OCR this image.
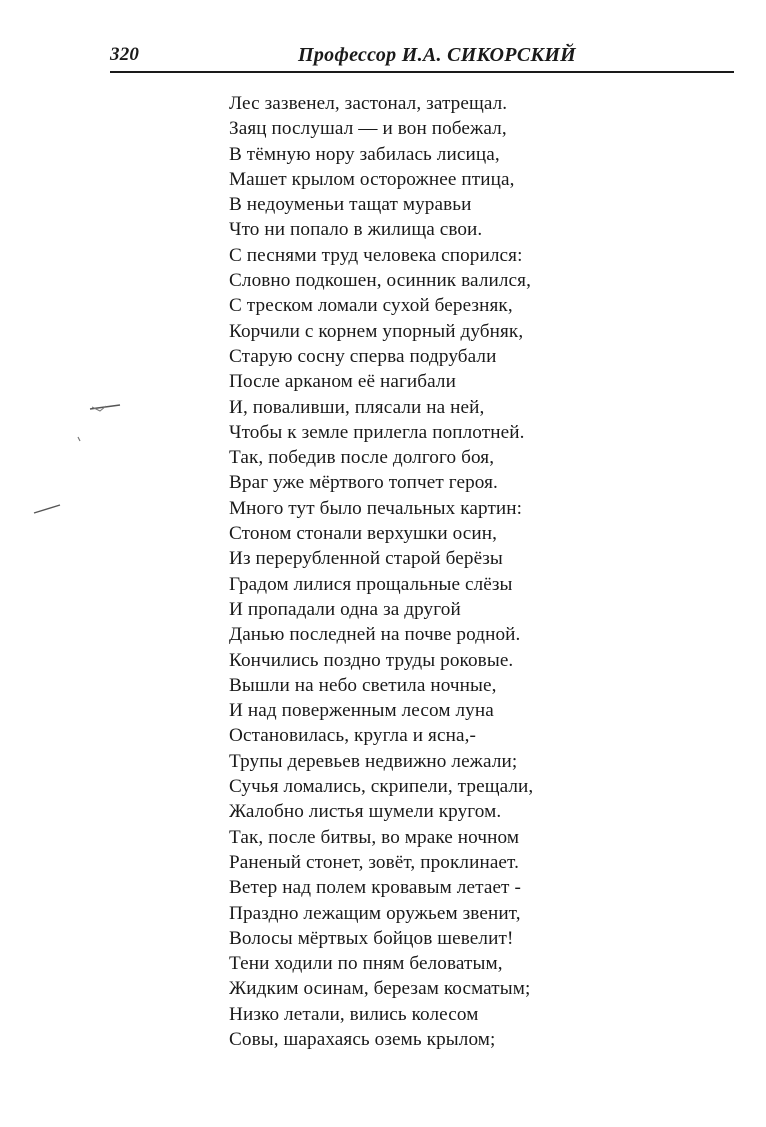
320	Профессор И.А. СИКОРСКИЙ
Лес зазвенел, застонал, затрещал.
Заяц послушал — и вон побежал,
В тёмную нору забилась лисица,
Машет крылом осторожнее птица,
В недоуменьи тащат муравьи
Что ни попало в жилища свои.
С песнями труд человека спорился:
Словно подкошен, осинник валился,
С треском ломали сухой березняк,
Корчили с корнем упорный дубняк,
Старую сосну сперва подрубали
После арканом её нагибали
И, поваливши, плясали на ней,
Чтобы к земле прилегла поплотней.
Так, победив после долгого боя,
Враг уже мёртвого топчет героя.
Много тут было печальных картин:
Стоном стонали верхушки осин,
Из перерубленной старой берёзы
Градом лилися прощальные слёзы
И пропадали одна за другой
Данью последней на почве родной.
Кончились поздно труды роковые.
Вышли на небо светила ночные,
И над поверженным лесом луна
Остановилась, кругла и ясна,-
Трупы деревьев недвижно лежали;
Сучья ломались, скрипели, трещали,
Жалобно листья шумели кругом.
Так, после битвы, во мраке ночном
Раненый стонет, зовёт, проклинает.
Ветер над полем кровавым летает -
Праздно лежащим оружьем звенит,
Волосы мёртвых бойцов шевелит!
Тени ходили по пням беловатым,
Жидким осинам, березам косматым;
Низко летали, вились колесом
Совы, шарахаясь оземь крылом;
